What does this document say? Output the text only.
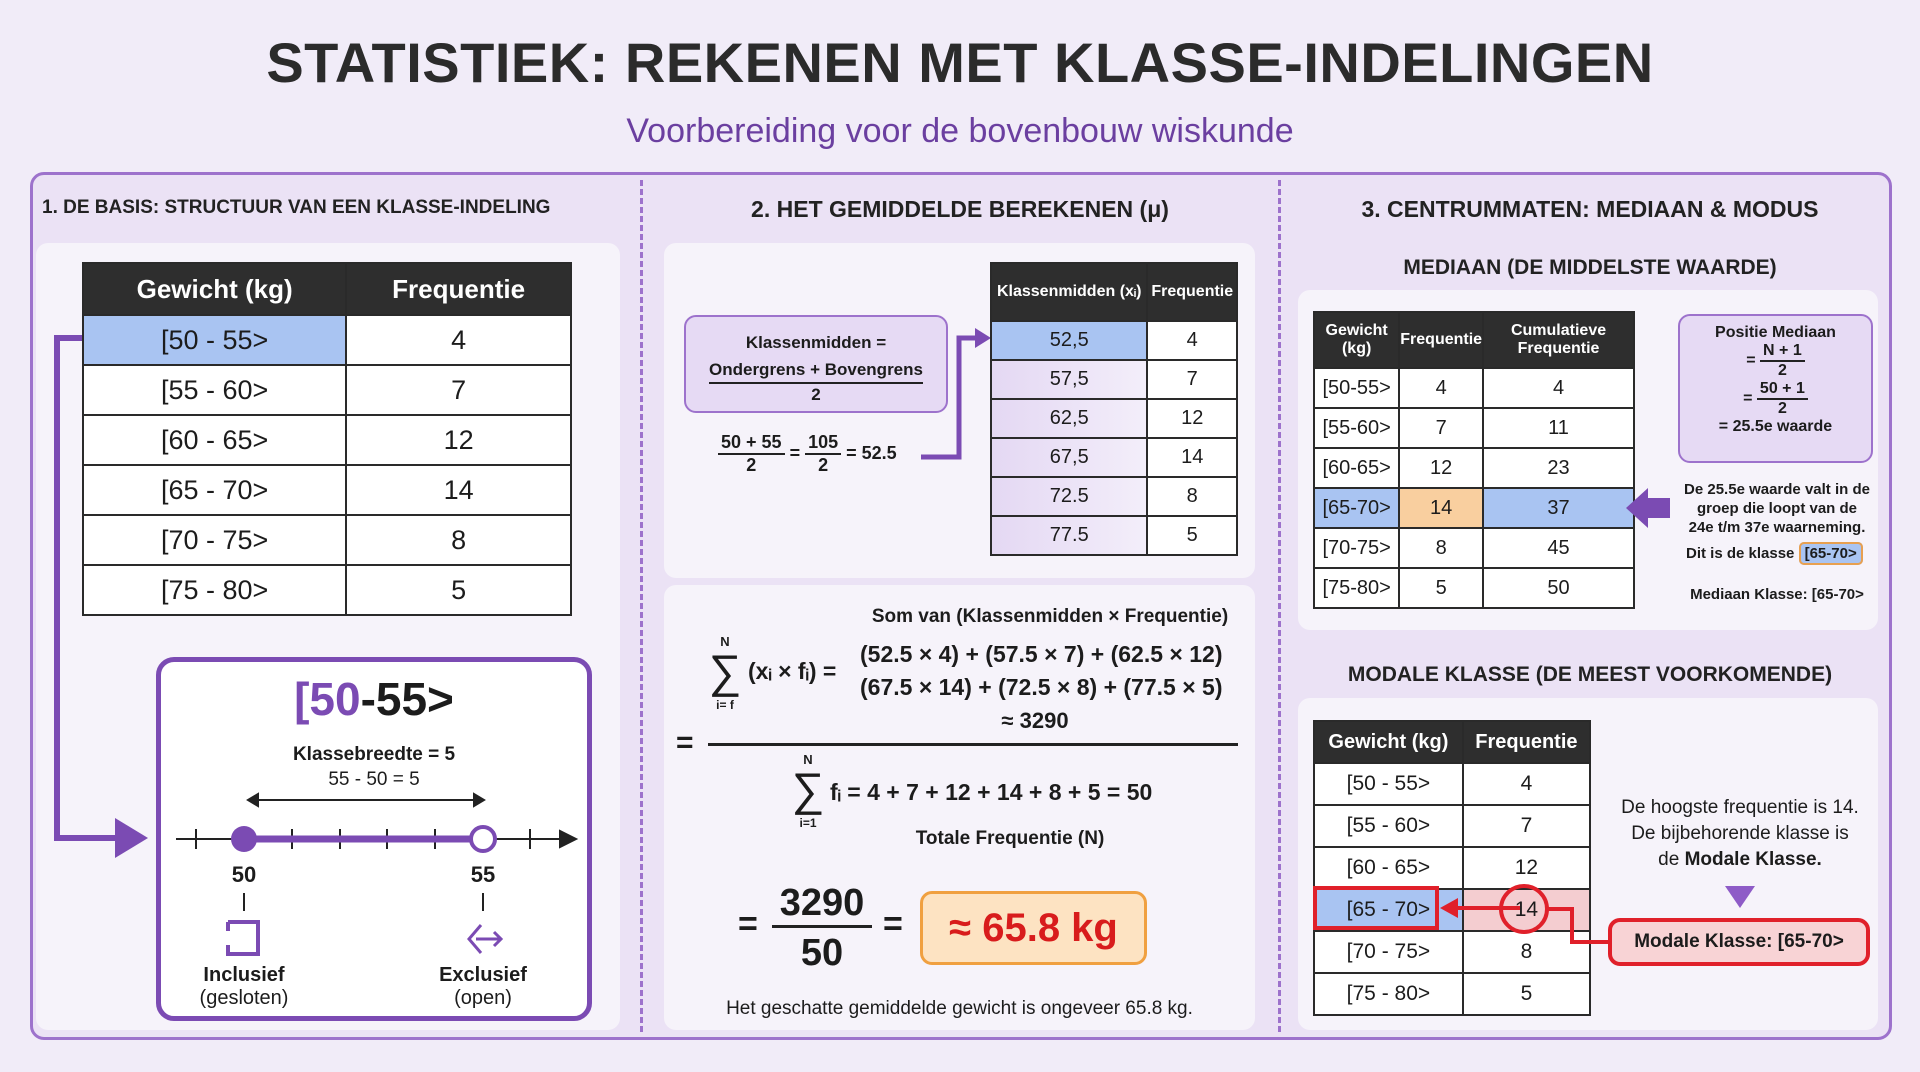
STATISTIEK: REKENEN MET KLASSE-INDELINGEN
Voorbereiding voor de bovenbouw wiskunde
1. DE BASIS: STRUCTUUR VAN EEN KLASSE-INDELING
Gewicht (kg)	Frequentie
[50 - 55>	4
[55 - 60>	7
[60 - 65>	12
[65 - 70>	14
[70 - 75>	8
[75 - 80>	5
[50-55>
Klassebreedte = 5
55 - 50 = 5
50	55
Inclusief
(gesloten)
Exclusief
(open)
2. HET GEMIDDELDE BEREKENEN (μ)
Klassenmidden =
Ondergrens + Bovengrens
2
$\frac{50 + 55}{2} = \frac{105}{2} = 52.5$
Klassenmidden (xᵢ)	Frequentie
52,5	4
57,5	7
62,5	12
67,5	14
72.5	8
77.5	5
Som van (Klassenmidden × Frequentie)
N
∑
i= f
(xᵢ × fᵢ) =
(52.5 × 4) + (57.5 × 7) + (62.5 × 12)
(67.5 × 14) + (72.5 × 8) + (77.5 × 5)
≈ 3290
=
N
∑
i=1
fᵢ = 4 + 7 + 12 + 14 + 8 + 5 = 50
Totale Frequentie (N)
= 3290
50
=	≈ 65.8 kg
Het geschatte gemiddelde gewicht is ongeveer 65.8 kg.
3. CENTRUMMATEN: MEDIAAN & MODUS
MEDIAAN (DE MIDDELSTE WAARDE)
Gewicht (kg)	Frequentie	Cumulatieve Frequentie
[50-55>	4	4
[55-60>	7	11
[60-65>	12	23
[65-70>	14	37
[70-75>	8	45
[75-80>	5	50
Positie Mediaan
= $\frac{N + 1}{2}$
= $\frac{50 + 1}{2}$
= 25.5e waarde
De 25.5e waarde valt in de
groep die loopt van de
24e t/m 37e waarneming.
Dit is de klasse [65-70>
Mediaan Klasse: [65-70>
MODALE KLASSE (DE MEEST VOORKOMENDE)
Gewicht (kg)	Frequentie
[50 - 55>	4
[55 - 60>	7
[60 - 65>	12
[65 - 70>	14
[70 - 75>	8
[75 - 80>	5
De hoogste frequentie is 14.
De bijbehorende klasse is
de Modale Klasse.
Modale Klasse: [65-70>
